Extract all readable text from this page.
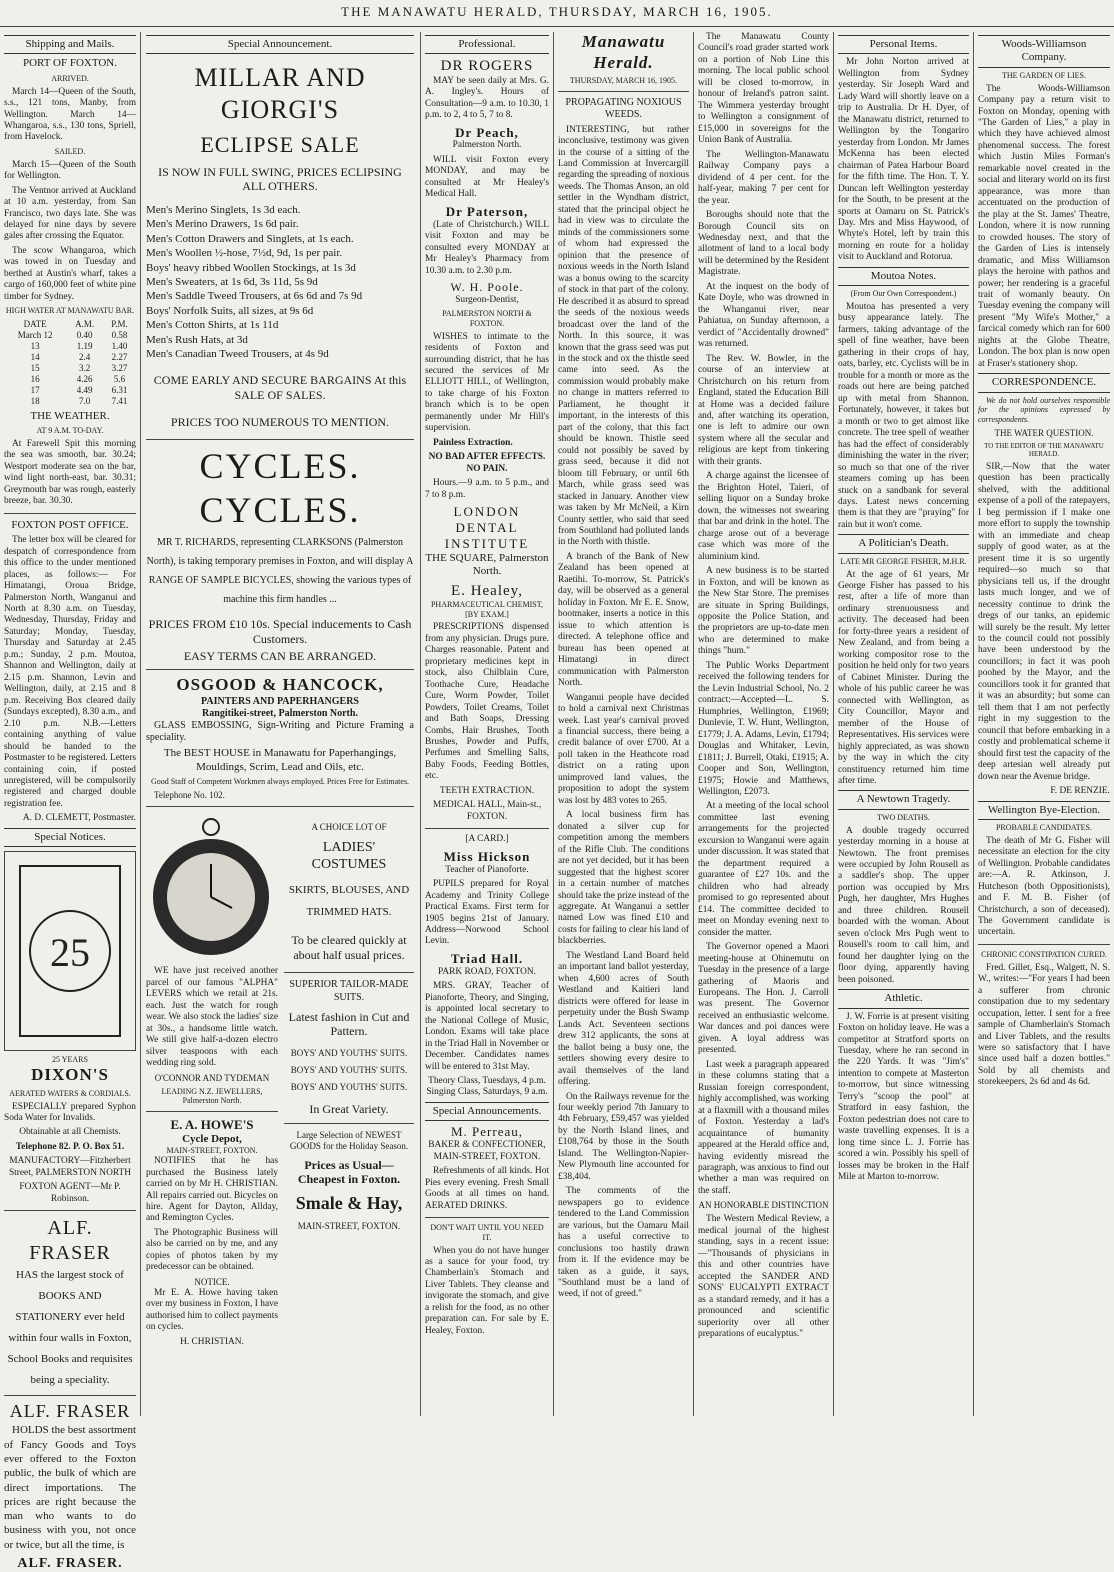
THE MANAWATU HERALD, THURSDAY, MARCH 16, 1905.
Shipping and Mails.
PORT OF FOXTON.
ARRIVED.

March 14—Queen of the South, s.s., 121 tons, Manby, from Wellington. March 14—Whangaroa, s.s., 130 tons, Spriell, from Havelock.

SAILED.

March 15—Queen of the South for Wellington.

The Ventnor arrived at Auckland at 10 a.m. yesterday, from San Francisco, two days late. She was delayed for nine days by severe gales after crossing the Equator.

The scow Whangaroa, which was towed in on Tuesday and berthed at Austin's wharf, takes a cargo of 160,000 feet of white pine timber for Sydney.

HIGH WATER AT MANAWATU BAR.
DATE	A.M.	P.M.
March 12	0.40	0.58
13	1.19	1.40
14	2.4	2.27
15	3.2	3.27
16	4.26	5.6
17	4.49	6.31
18	7.0	7.41
THE WEATHER.
AT 9 A.M. TO-DAY.

At Farewell Spit this morning the sea was smooth, bar. 30.24; Westport moderate sea on the bar, wind light north-east, bar. 30.31; Greymouth bar was rough, easterly breeze, bar. 30.30.

FOXTON POST OFFICE.

The letter box will be cleared for despatch of correspondence from this office to the under mentioned places, as follows:— For Himatangi, Oroua Bridge, Palmerston North, Wanganui and North at 8.30 a.m. on Tuesday, Wednesday, Thursday, Friday and Saturday; Monday, Tuesday, Thursday and Saturday at 2.45 p.m.; Sunday, 2 p.m. Moutoa, Shannon and Wellington, daily at 2.15 p.m. Shannon, Levin and Wellington, daily, at 2.15 and 8 p.m. Receiving Box cleared daily (Sundays excepted), 8.30 a.m., and 2.10 p.m. N.B.—Letters containing anything of value should be handed to the Postmaster to be registered. Letters containing coin, if posted unregistered, will be compulsorily registered and charged double registration fee.

A. D. CLEMETT, Postmaster.

Special Notices.
25
25 YEARS
DIXON'S
AERATED WATERS & CORDIALS.

ESPECIALLY prepared Syphon Soda Water for Invalids.

Obtainable at all Chemists.

Telephone 82. P. O. Box 51.

MANUFACTORY—Fitzherbert Street, PALMERSTON NORTH

FOXTON AGENT—Mr P. Robinson.

ALF. FRASER

HAS the largest stock of BOOKS AND STATIONERY ever held within four walls in Foxton, School Books and requisites being a speciality.

ALF. FRASER

HOLDS the best assortment of Fancy Goods and Toys ever offered to the Foxton public, the bulk of which are direct importations. The prices are right because the man who wants to do business with you, not once or twice, but all the time, is

ALF. FRASER.
Special Announcement.
MILLAR AND GIORGI'S
ECLIPSE SALE
IS NOW IN FULL SWING, PRICES ECLIPSING ALL OTHERS.
Men's Merino Singlets, 1s 3d each.
Men's Merino Drawers, 1s 6d pair.
Men's Cotton Drawers and Singlets, at 1s each.
Men's Woollen ½-hose, 7½d, 9d, 1s per pair.
Boys' heavy ribbed Woollen Stockings, at 1s 3d
Men's Sweaters, at 1s 6d, 3s 11d, 5s 9d
Men's Saddle Tweed Trousers, at 6s 6d and 7s 9d
Boys' Norfolk Suits, all sizes, at 9s 6d
Men's Cotton Shirts, at 1s 11d
Men's Rush Hats, at 3d
Men's Canadian Tweed Trousers, at 4s 9d
COME EARLY AND SECURE BARGAINS At this SALE OF SALES.
PRICES TOO NUMEROUS TO MENTION.
CYCLES. CYCLES.

MR T. RICHARDS, representing CLARKSONS (Palmerston North), is taking temporary premises in Foxton, and will display A RANGE OF SAMPLE BICYCLES, showing the various types of machine this firm handles ...

PRICES FROM £10 10s. Special inducements to Cash Customers.

EASY TERMS CAN BE ARRANGED.

OSGOOD & HANCOCK,
PAINTERS AND PAPERHANGERS
Rangitikei-street, Palmerston North.

GLASS EMBOSSING, Sign-Writing and Picture Framing a speciality.

The BEST HOUSE in Manawatu for Paperhangings, Mouldings, Scrim, Lead and Oils, etc.

Good Staff of Competent Workmen always employed. Prices Free for Estimates.

Telephone No. 102.

WE have just received another parcel of our famous "ALPHA" LEVERS which we retail at 21s. each. Just the watch for rough wear. We also stock the ladies' size at 30s., a handsome little watch. We still give half-a-dozen electro silver teaspoons with each wedding ring sold.

O'CONNOR AND TYDEMAN

LEADING N.Z. JEWELLERS, Palmerston North.

E. A. HOWE'S
Cycle Depot,
MAIN-STREET, FOXTON.

NOTIFIES that he has purchased the Business lately carried on by Mr H. CHRISTIAN. All repairs carried out. Bicycles on hire. Agent for Dayton, Allday, and Remington Cycles.

The Photographic Business will also be carried on by me, and any copies of photos taken by my predecessor can be obtained.

NOTICE.

Mr E. A. Howe having taken over my business in Foxton, I have authorised him to collect payments on cycles.

H. CHRISTIAN.

A CHOICE LOT OF
LADIES' COSTUMES
SKIRTS, BLOUSES, AND TRIMMED HATS.
To be cleared quickly at about half usual prices.
SUPERIOR TAILOR-MADE SUITS.
Latest fashion in Cut and Pattern.
BOYS' AND YOUTHS' SUITS.
BOYS' AND YOUTHS' SUITS.
BOYS' AND YOUTHS' SUITS.
In Great Variety.
Large Selection of NEWEST GOODS for the Holiday Season.
Prices as Usual— Cheapest in Foxton.
Smale & Hay,
MAIN-STREET, FOXTON.
Professional.
DR ROGERS

MAY be seen daily at Mrs. G. A. Ingley's. Hours of Consultation—9 a.m. to 10.30, 1 p.m. to 2, 4 to 5, 7 to 8.

Dr Peach,

Palmerston North.

WILL visit Foxton every MONDAY, and may be consulted at Mr Healey's Medical Hall.

Dr Paterson,

(Late of Christchurch.) WILL visit Foxton and may be consulted every MONDAY at Mr Healey's Pharmacy from 10.30 a.m. to 2.30 p.m.

W. H. Poole.

Surgeon-Dentist,

PALMERSTON NORTH & FOXTON.

WISHES to intimate to the residents of Foxton and surrounding district, that he has secured the services of Mr ELLIOTT HILL, of Wellington, to take charge of his Foxton branch which is to be open permanently under Mr Hill's supervision.

Painless Extraction.

NO BAD AFTER EFFECTS. NO PAIN.

Hours.—9 a.m. to 5 p.m., and 7 to 8 p.m.

LONDON DENTAL INSTITUTE

THE SQUARE, Palmerston North.

E. Healey,

PHARMACEUTICAL CHEMIST, [BY EXAM.]

PRESCRIPTIONS dispensed from any physician. Drugs pure. Charges reasonable. Patent and proprietary medicines kept in stock, also Chilblain Cure, Toothache Cure, Headache Cure, Worm Powder, Toilet Powders, Toilet Creams, Toilet and Bath Soaps, Dressing Combs, Hair Brushes, Tooth Brushes, Powder and Puffs, Perfumes and Smelling Salts, Baby Foods, Feeding Bottles, etc.

TEETH EXTRACTION.

MEDICAL HALL, Main-st., FOXTON.

[A CARD.]

Miss Hickson

Teacher of Pianoforte.

PUPILS prepared for Royal Academy and Trinity College Practical Exams. First term for 1905 begins 21st of January. Address—Norwood School Levin.

Triad Hall.

PARK ROAD, FOXTON.

MRS. GRAY, Teacher of Pianoforte, Theory, and Singing, is appointed local secretary to the National College of Music, London. Exams will take place in the Triad Hall in November or December. Candidates names will be entered to 31st May.

Theory Class, Tuesdays, 4 p.m. Singing Class, Saturdays, 9 a.m.

Special Announcements.
M. Perreau,

BAKER & CONFECTIONER, MAIN-STREET, FOXTON.

Refreshments of all kinds. Hot Pies every evening. Fresh Small Goods at all times on hand. AERATED DRINKS.

DON'T WAIT UNTIL YOU NEED IT.

When you do not have hunger as a sauce for your food, try Chamberlain's Stomach and Liver Tablets. They cleanse and invigorate the stomach, and give a relish for the food, as no other preparation can. For sale by E. Healey, Foxton.

Manawatu Herald.
THURSDAY, MARCH 16, 1905.
PROPAGATING NOXIOUS WEEDS.

INTERESTING, but rather inconclusive, testimony was given in the course of a sitting of the Land Commission at Invercargill regarding the spreading of noxious weeds. The Thomas Anson, an old settler in the Wyndham district, stated that the principal object he had in view was to circulate the minds of the commissioners some of whom had expressed the opinion that the presence of noxious weeds in the North Island was a bonus owing to the scarcity of stock in that part of the colony. He described it as absurd to spread the seeds of the noxious weeds broadcast over the land of the North. In this source, it was known that the grass seed was put in the stock and ox the thistle seed came into seed. As the commission would probably make no change in matters referred to Parliament, he thought it important, in the interests of this part of the colony, that this fact should be known. Thistle seed could not possibly be saved by grass seed, because it did not bloom till February, or until 6th March, while grass seed was stacked in January. Another view was taken by Mr McNeil, a Kirn County settler, who said that seed from Southland had polluted lands in the North with thistle.

A branch of the Bank of New Zealand has been opened at Raetihi. To-morrow, St. Patrick's day, will be observed as a general holiday in Foxton. Mr E. E. Snow, bootmaker, inserts a notice in this issue to which attention is directed. A telephone office and bureau has been opened at Himatangi in direct communication with Palmerston North.

Wanganui people have decided to hold a carnival next Christmas week. Last year's carnival proved a financial success, there being a credit balance of over £700. At a poll taken in the Heathcote road district on a rating upon unimproved land values, the proposition to adopt the system was lost by 483 votes to 265.

A local business firm has donated a silver cup for competition among the members of the Rifle Club. The conditions are not yet decided, but it has been suggested that the highest scorer in a certain number of matches should take the prize instead of the aggregate. At Wanganui a settler named Low was fined £10 and costs for failing to clear his land of blackberries.

The Westland Land Board held an important land ballot yesterday, when 4,600 acres of South Westland and Kaitieri land districts were offered for lease in perpetuity under the Bush Swamp Lands Act. Seventeen sections drew 312 applicants, the sons at the ballot being a busy one, the settlers showing every desire to avail themselves of the land offering.

On the Railways revenue for the four weekly period 7th January to 4th February, £59,457 was yielded by the North Island lines, and £108,764 by those in the South Island. The Wellington-Napier-New Plymouth line accounted for £38,404.

The comments of the newspapers go to evidence tendered to the Land Commission are various, but the Oamaru Mail has a useful corrective to conclusions too hastily drawn from it. If the evidence may be taken as a guide, it says, "Southland must be a land of weed, if not of greed."

The Manawatu County Council's road grader started work on a portion of Nob Line this morning. The local public school will be closed to-morrow, in honour of Ireland's patron saint. The Wimmera yesterday brought to Wellington a consignment of £15,000 in sovereigns for the Union Bank of Australia.

The Wellington-Manawatu Railway Company pays a dividend of 4 per cent. for the half-year, making 7 per cent for the year.

Boroughs should note that the Borough Council sits on Wednesday next, and that the allotment of land to a local body will be determined by the Resident Magistrate.

At the inquest on the body of Kate Doyle, who was drowned in the Whanganui river, near Pahiatua, on Sunday afternoon, a verdict of "Accidentally drowned" was returned.

The Rev. W. Bowler, in the course of an interview at Christchurch on his return from England, stated the Education Bill at Home was a decided failure and, after watching its operation, one is left to admire our own system where all the secular and religious are kept from tinkering with their grants.

A charge against the licensee of the Brighton Hotel, Taieri, of selling liquor on a Sunday broke down, the witnesses not swearing that bar and drink in the hotel. The charge arose out of a beverage case which was more of the aluminium kind.

A new business is to be started in Foxton, and will be known as the New Star Store. The premises are situate in Spring Buildings, opposite the Police Station, and the proprietors are up-to-date men who are determined to make things "hum."

The Public Works Department received the following tenders for the Levin Industrial School, No. 2 contract:—Accepted—L. S. Humphries, Wellington, £1969; Dunlevie, T. W. Hunt, Wellington, £1779; J. A. Adams, Levin, £1794; Douglas and Whitaker, Levin, £1811; J. Burrell, Otaki, £1915; A. Cooper and Son, Wellington, £1975; Howie and Matthews, Wellington, £2073.

At a meeting of the local school committee last evening arrangements for the projected excursion to Wanganui were again under discussion. It was stated that the department required a guarantee of £27 10s. and the children who had already promised to go represented about £14. The committee decided to meet on Monday evening next to consider the matter.

The Governor opened a Maori meeting-house at Ohinemutu on Tuesday in the presence of a large gathering of Maoris and Europeans. The Hon. J. Carroll was present. The Governor received an enthusiastic welcome. War dances and poi dances were given. A loyal address was presented.

Last week a paragraph appeared in these columns stating that a Russian foreign correspondent, highly accomplished, was working at a flaxmill with a thousand miles of Foxton. Yesterday a lad's acquaintance of humanity appeared at the Herald office and, having evidently misread the paragraph, was anxious to find out whether a man was required on the staff.

AN HONORABLE DISTINCTION

The Western Medical Review, a medical journal of the highest standing, says in a recent issue:—"Thousands of physicians in this and other countries have accepted the SANDER AND SONS' EUCALYPTI EXTRACT as a standard remedy, and it has a pronounced and scientific superiority over all other preparations of eucalyptus."

Personal Items.

Mr John Norton arrived at Wellington from Sydney yesterday. Sir Joseph Ward and Lady Ward will shortly leave on a trip to Australia. Dr H. Dyer, of the Manawatu district, returned to Wellington by the Tongariro yesterday from London. Mr James McKenna has been elected chairman of Patea Harbour Board for the fifth time. The Hon. T. Y. Duncan left Wellington yesterday for the South, to be present at the sports at Oamaru on St. Patrick's Day. Mrs and Miss Haywood, of Whyte's Hotel, left by train this morning en route for a holiday visit to Auckland and Rotorua.

Moutoa Notes.
(From Our Own Correspondent.)

Moutoa has presented a very busy appearance lately. The farmers, taking advantage of the spell of fine weather, have been gathering in their crops of hay, oats, barley, etc. Cyclists will be in trouble for a month or more as the roads out here are being patched up with metal from Shannon. Fortunately, however, it takes but a month or two to get almost like concrete. The tree spell of weather has had the effect of considerably diminishing the water in the river; so much so that one of the river steamers coming up has been stuck on a sandbank for several days. Latest news concerning them is that they are "praying" for rain but it won't come.

A Politician's Death.
LATE MR GEORGE FISHER, M.H.R.

At the age of 61 years, Mr George Fisher has passed to his rest, after a life of more than ordinary strenuousness and activity. The deceased had been for forty-three years a resident of New Zealand, and from being a working compositor rose to the position he held only for two years of Cabinet Minister. During the whole of his public career he was connected with Wellington, as City Councillor, Mayor and member of the House of Representatives. His services were highly appreciated, as was shown by the way in which the city constituency returned him time after time.

A Newtown Tragedy.
TWO DEATHS.

A double tragedy occurred yesterday morning in a house at Newtown. The front premises were occupied by John Rousell as a saddler's shop. The upper portion was occupied by Mrs Pugh, her daughter, Mrs Hughes and three children. Rousell boarded with the woman. About seven o'clock Mrs Pugh went to Rousell's room to call him, and found her daughter lying on the floor dying, apparently having been poisoned.

Athletic.

J. W. Forrie is at present visiting Foxton on holiday leave. He was a competitor at Stratford sports on Tuesday, where he ran second in the 220 Yards. It was "Jim's" intention to compete at Masterton to-morrow, but since witnessing Terry's "scoop the pool" at Stratford in easy fashion, the Foxton pedestrian does not care to waste travelling expenses. It is a long time since L. J. Forrie has scored a win. Possibly his spell of losses may be broken in the Half Mile at Marton to-morrow.

Woods-Williamson Company.
THE GARDEN OF LIES.

The Woods-Williamson Company pay a return visit to Foxton on Monday, opening with "The Garden of Lies," a play in which they have achieved almost phenomenal success. The forest which Justin Miles Forman's remarkable novel created in the social and literary world on its first appearance, was more than accentuated on the production of the play at the St. James' Theatre, London, where it is now running to crowded houses. The story of the Garden of Lies is intensely dramatic, and Miss Williamson plays the heroine with pathos and power; her rendering is a graceful trait of womanly beauty. On Tuesday evening the company will present "My Wife's Mother," a farcical comedy which ran for 600 nights at the Globe Theatre, London. The box plan is now open at Fraser's stationery shop.

CORRESPONDENCE.

We do not hold ourselves responsible for the opinions expressed by correspondents.

THE WATER QUESTION.

TO THE EDITOR OF THE MANAWATU HERALD.

SIR,—Now that the water question has been practically shelved, with the additional expense of a poll of the ratepayers, I beg permission if I make one more effort to supply the township with an immediate and cheap supply of good water, as at the present time it is so urgently required—so much so that physicians tell us, if the drought lasts much longer, and we of necessity continue to drink the dregs of our tanks, an epidemic will surely be the result. My letter to the council could not possibly have been understood by the councillors; in fact it was pooh poohed by the Mayor, and the councillors took it for granted that it was an absurdity; but some can tell them that I am not perfectly right in my suggestion to the council that before embarking in a costly and problematical scheme it should first test the capacity of the deep artesian well already put down near the Avenue bridge.

F. DE RENZIE.

Wellington Bye-Election.
PROBABLE CANDIDATES.

The death of Mr G. Fisher will necessitate an election for the city of Wellington. Probable candidates are:—A. R. Atkinson, J. Hutcheson (both Oppositionists), and F. M. B. Fisher (of Christchurch, a son of deceased). The Government candidate is uncertain.

CHRONIC CONSTIPATION CURED.

Fred. Gillet, Esq., Walgett, N. S. W., writes:—"For years I had been a sufferer from chronic constipation due to my sedentary occupation, letter. I sent for a free sample of Chamberlain's Stomach and Liver Tablets, and the results were so satisfactory that I have since used half a dozen bottles." Sold by all chemists and storekeepers, 2s 6d and 4s 6d.
